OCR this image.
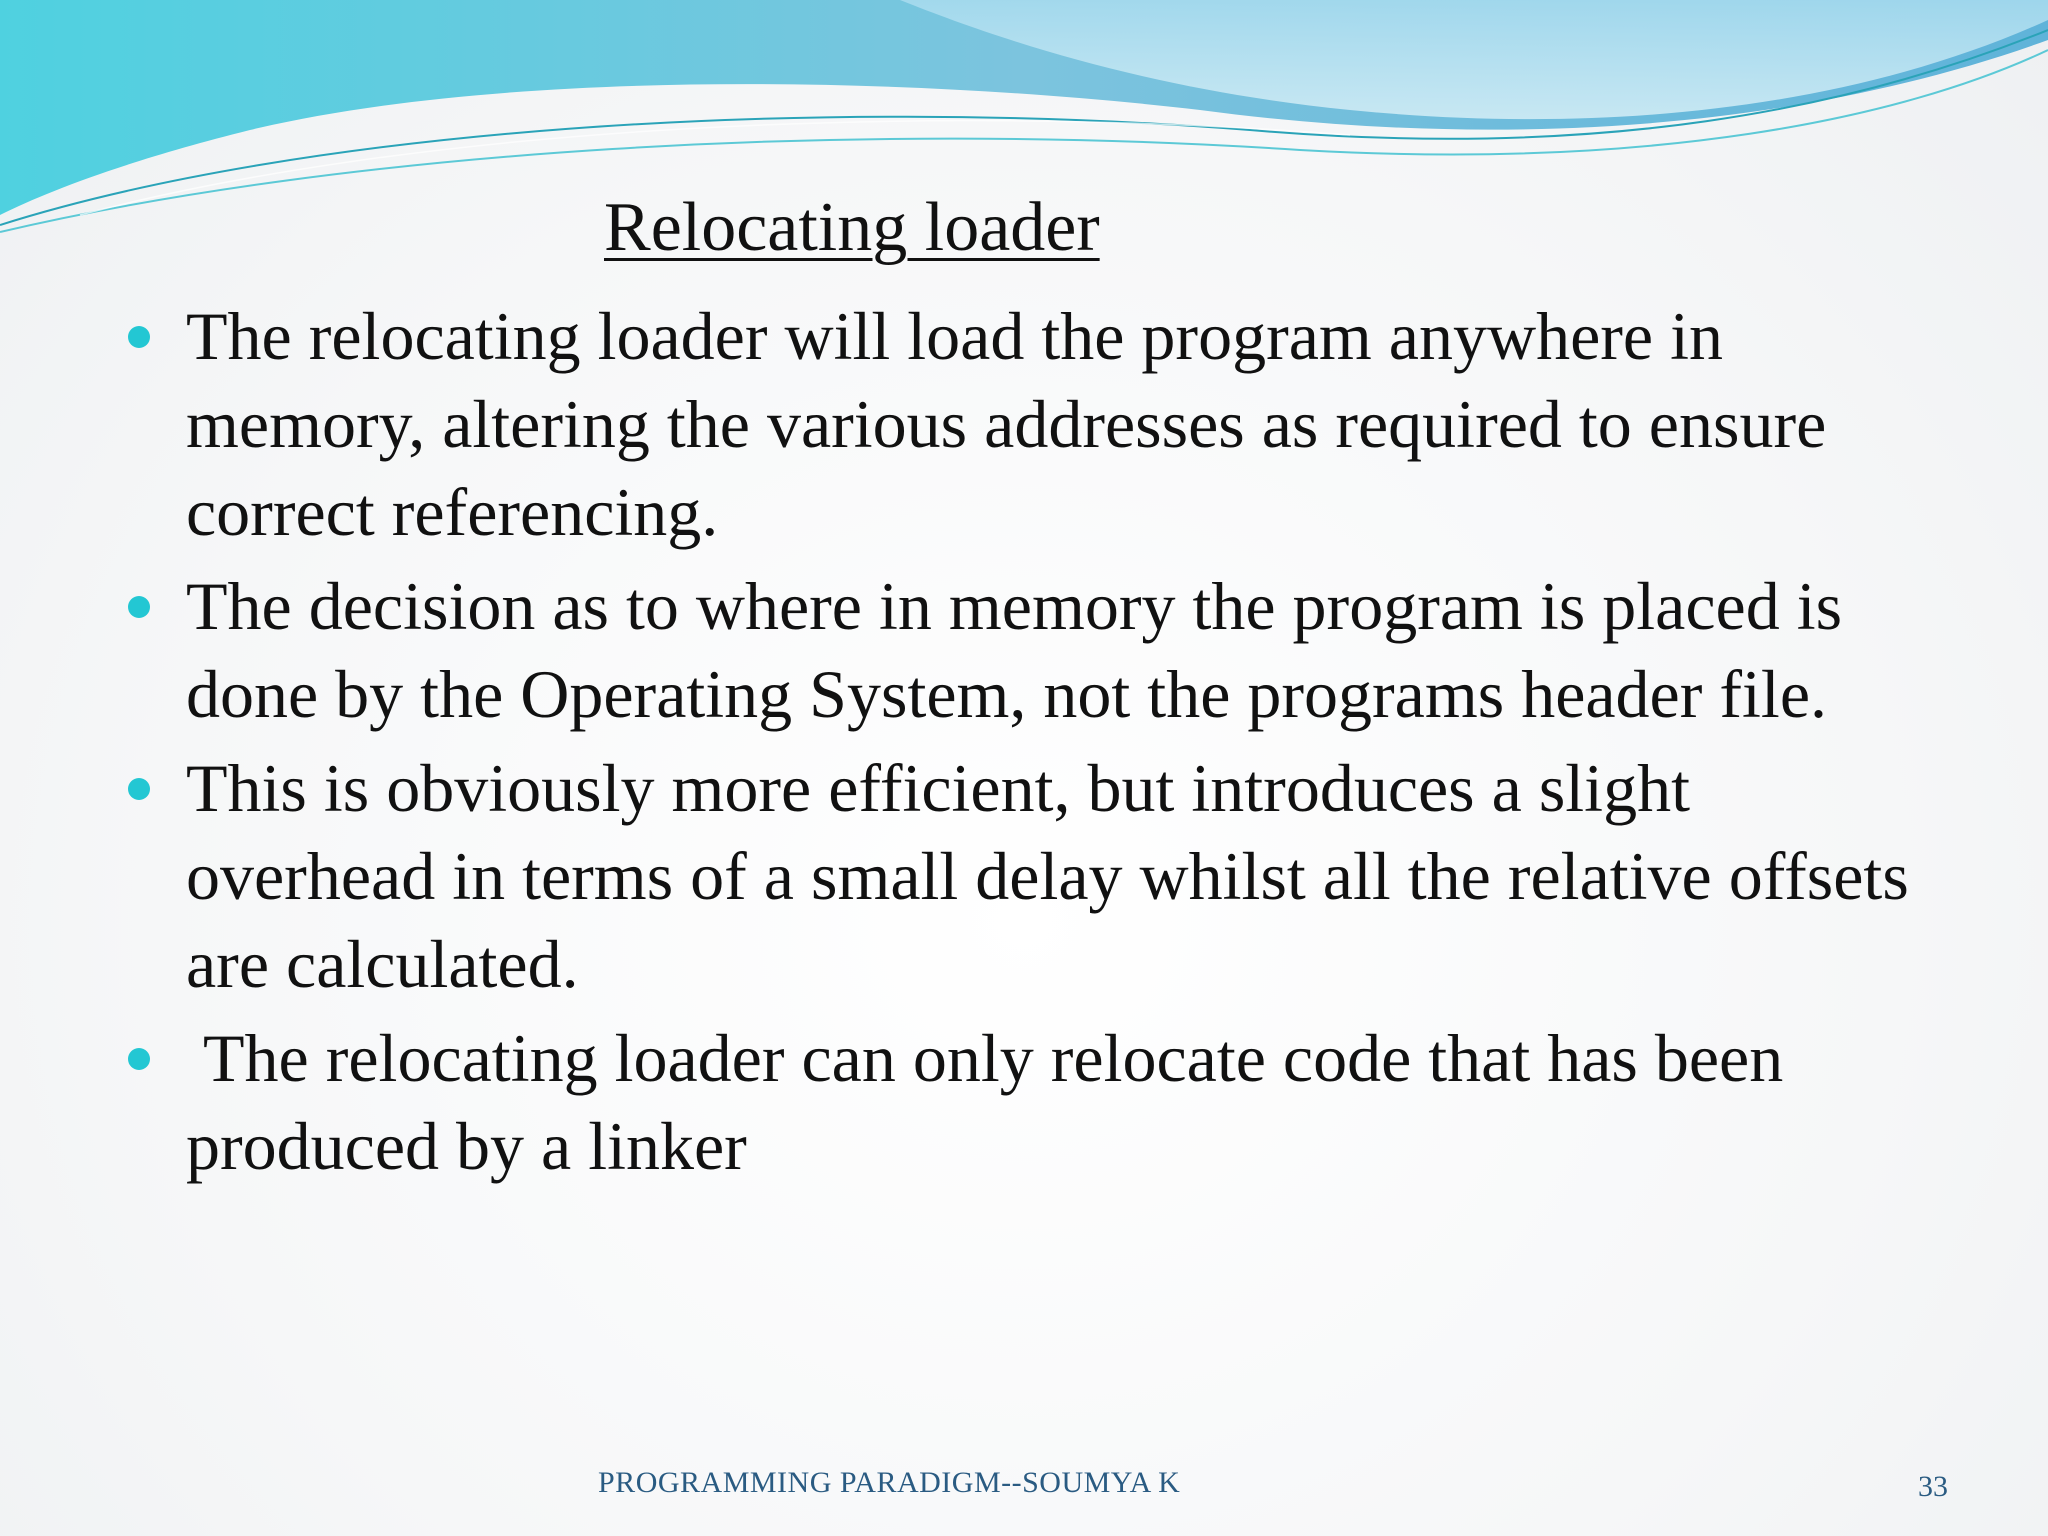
Relocating loader
The relocating loader will load the program anywhere in memory, altering the various addresses as required to ensure correct referencing.
The decision as to where in memory the program is placed is done by the Operating System, not the programs header file.
This is obviously more efficient, but introduces a slight overhead in terms of a small delay whilst all the relative offsets are calculated.
The relocating loader can only relocate code that has been produced by a linker
PROGRAMMING PARADIGM--SOUMYA K	33
